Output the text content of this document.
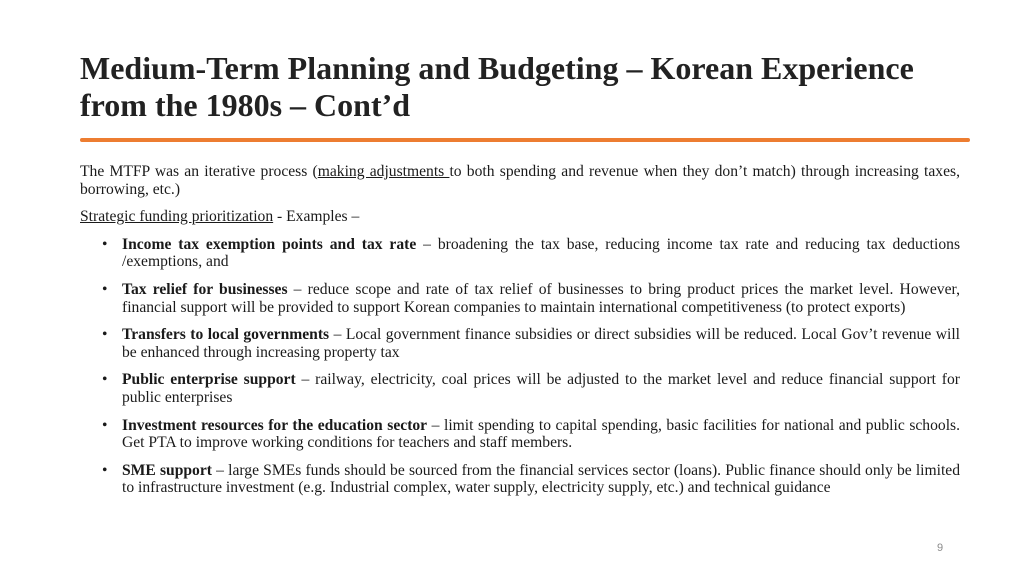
Medium-Term Planning and Budgeting – Korean Experience from the 1980s – Cont’d

The MTFP was an iterative process (making adjustments to both spending and revenue when they don’t match) through increasing taxes, borrowing, etc.)

Strategic funding prioritization - Examples –

• Income tax exemption points and tax rate – broadening the tax base, reducing income tax rate and reducing tax deductions /exemptions, and
• Tax relief for businesses – reduce scope and rate of tax relief of businesses to bring product prices the market level. However, financial support will be provided to support Korean companies to maintain international competitiveness (to protect exports)
• Transfers to local governments – Local government finance subsidies or direct subsidies will be reduced. Local Gov’t revenue will be enhanced through increasing property tax
• Public enterprise support – railway, electricity, coal prices will be adjusted to the market level and reduce financial support for public enterprises
• Investment resources for the education sector – limit spending to capital spending, basic facilities for national and public schools. Get PTA to improve working conditions for teachers and staff members.
• SME support – large SMEs funds should be sourced from the financial services sector (loans). Public finance should only be limited to infrastructure investment (e.g. Industrial complex, water supply, electricity supply, etc.) and technical guidance
9
